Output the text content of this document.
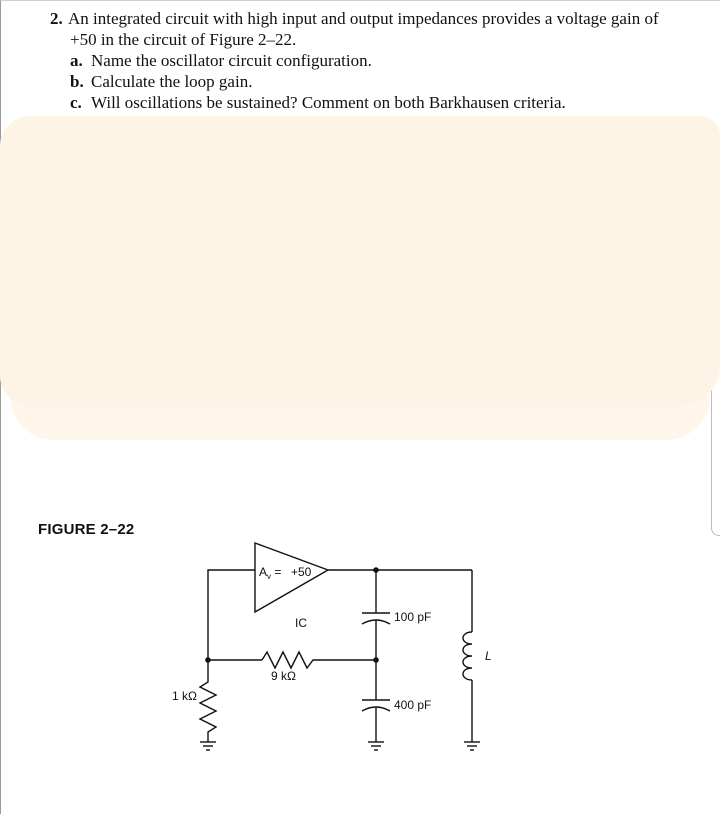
2. An integrated circuit with high input and output impedances provides a voltage gain of
+50 in the circuit of Figure 2–22.
a. Name the oscillator circuit configuration.
b. Calculate the loop gain.
c. Will oscillations be sustained? Comment on both Barkhausen criteria.
FIGURE 2–22
$A_v = +50$
IC
9 kΩ
1 kΩ
100 pF
400 pF
L
